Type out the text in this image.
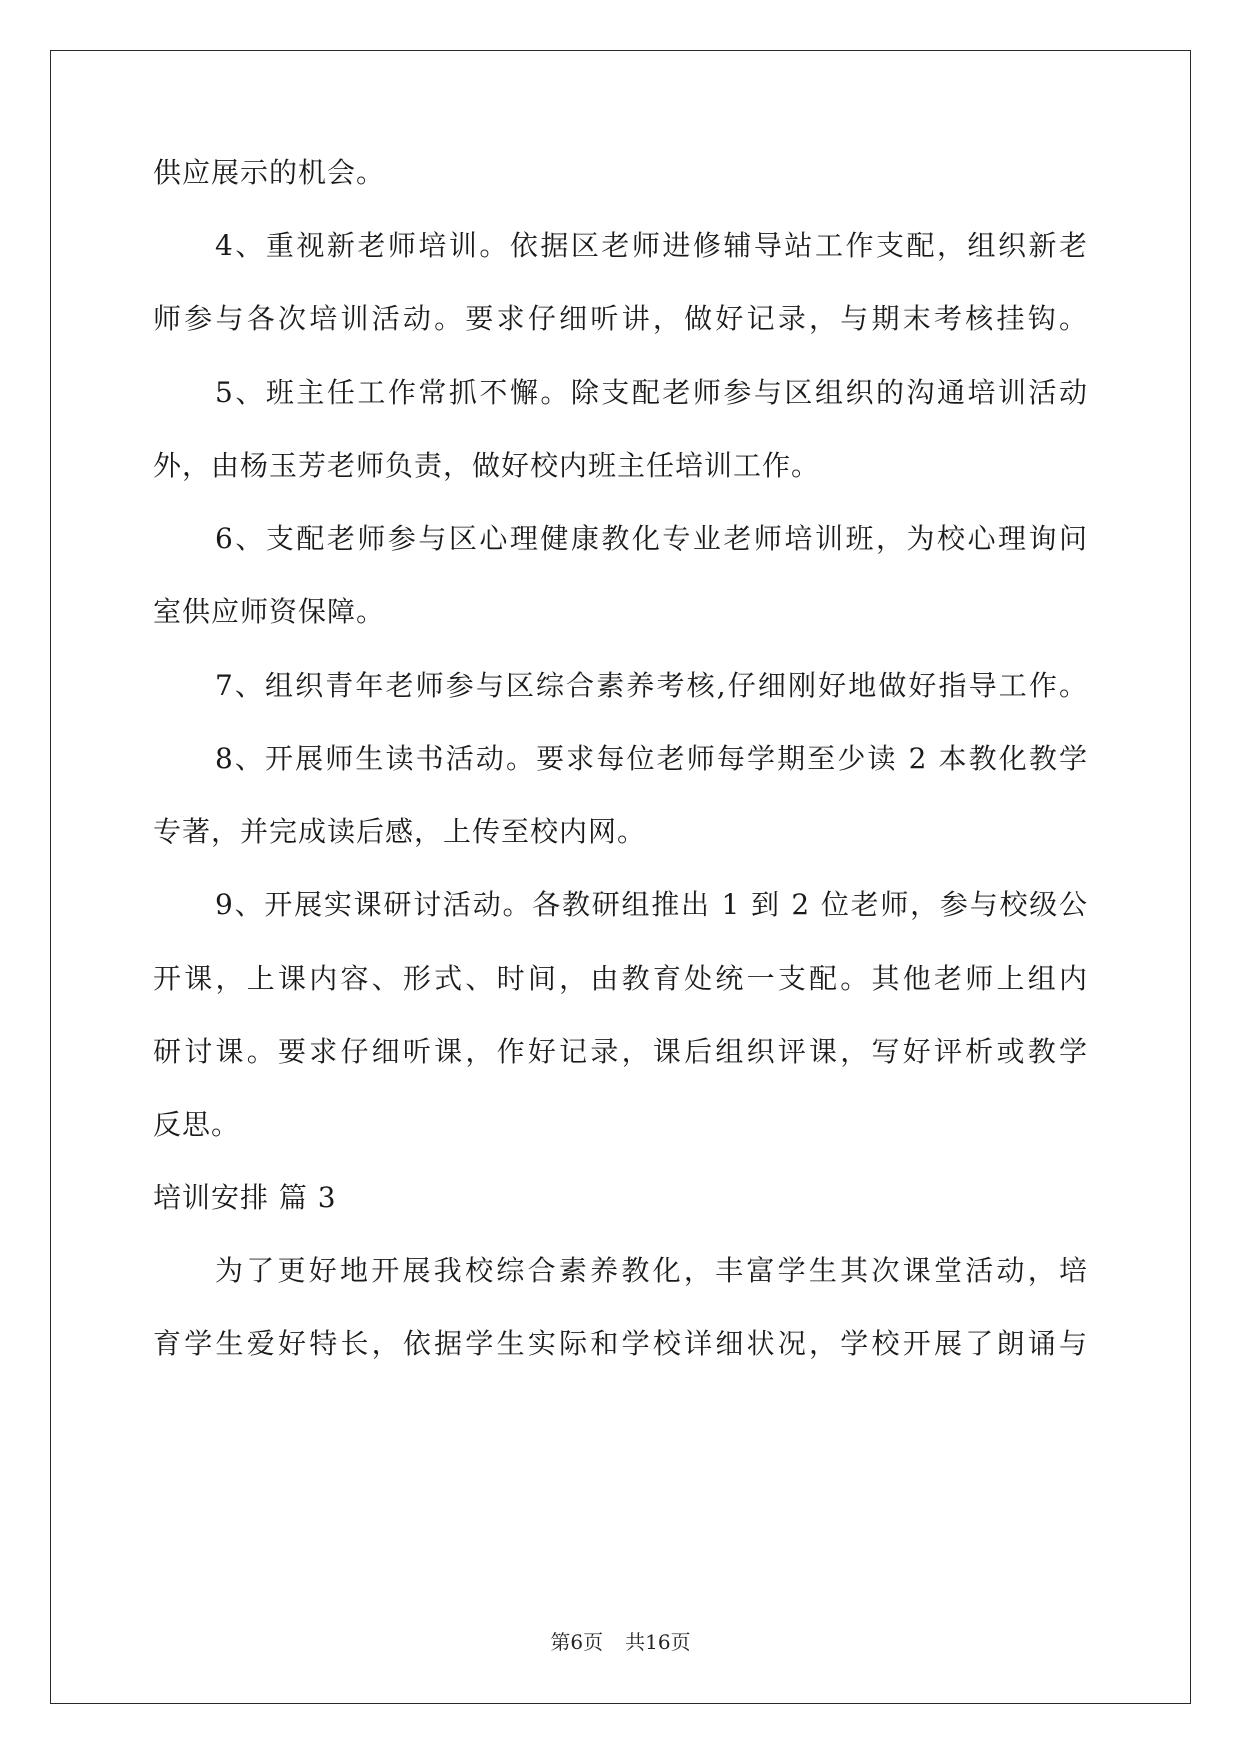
供应展示的机会。
4、重视新老师培训。依据区老师进修辅导站工作支配，组织新老
师参与各次培训活动。要求仔细听讲，做好记录，与期末考核挂钩。
5、班主任工作常抓不懈。除支配老师参与区组织的沟通培训活动
外，由杨玉芳老师负责，做好校内班主任培训工作。
6、支配老师参与区心理健康教化专业老师培训班，为校心理询问
室供应师资保障。
7、组织青年老师参与区综合素养考核,仔细刚好地做好指导工作。
8、开展师生读书活动。要求每位老师每学期至少读 2 本教化教学
专著，并完成读后感，上传至校内网。
9、开展实课研讨活动。各教研组推出 1 到 2 位老师，参与校级公
开课，上课内容、形式、时间，由教育处统一支配。其他老师上组内
研讨课。要求仔细听课，作好记录，课后组织评课，写好评析或教学
反思。
培训安排 篇 3
为了更好地开展我校综合素养教化，丰富学生其次课堂活动，培
育学生爱好特长，依据学生实际和学校详细状况，学校开展了朗诵与
第6页 共16页
